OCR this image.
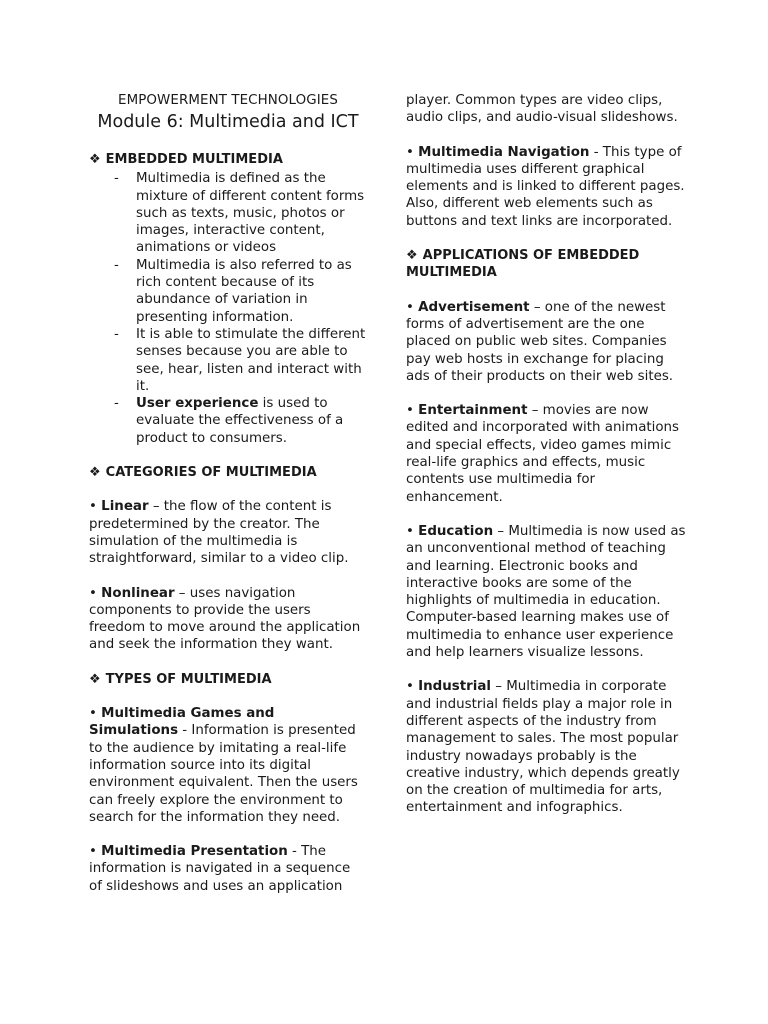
EMPOWERMENT TECHNOLOGIES

Module 6: Multimedia and ICT

❖ EMBEDDED MULTIMEDIA

- Multimedia is defined as the mixture of different content forms such as texts, music, photos or images, interactive content, animations or videos
- Multimedia is also referred to as rich content because of its abundance of variation in presenting information.
- It is able to stimulate the different senses because you are able to see, hear, listen and interact with it.
- User experience is used to evaluate the effectiveness of a product to consumers.

❖ CATEGORIES OF MULTIMEDIA

• Linear – the flow of the content is predetermined by the creator. The simulation of the multimedia is straightforward, similar to a video clip.

• Nonlinear – uses navigation components to provide the users freedom to move around the application and seek the information they want.

❖ TYPES OF MULTIMEDIA

• Multimedia Games and Simulations - Information is presented to the audience by imitating a real-life information source into its digital environment equivalent. Then the users can freely explore the environment to search for the information they need.

• Multimedia Presentation - The information is navigated in a sequence of slideshows and uses an application

player. Common types are video clips, audio clips, and audio-visual slideshows.

• Multimedia Navigation - This type of multimedia uses different graphical elements and is linked to different pages. Also, different web elements such as buttons and text links are incorporated.

❖ APPLICATIONS OF EMBEDDED MULTIMEDIA

• Advertisement – one of the newest forms of advertisement are the one placed on public web sites. Companies pay web hosts in exchange for placing ads of their products on their web sites.

• Entertainment – movies are now edited and incorporated with animations and special effects, video games mimic real-life graphics and effects, music contents use multimedia for enhancement.

• Education – Multimedia is now used as an unconventional method of teaching and learning. Electronic books and interactive books are some of the highlights of multimedia in education. Computer-based learning makes use of multimedia to enhance user experience and help learners visualize lessons.

• Industrial – Multimedia in corporate and industrial fields play a major role in different aspects of the industry from management to sales. The most popular industry nowadays probably is the creative industry, which depends greatly on the creation of multimedia for arts, entertainment and infographics.
